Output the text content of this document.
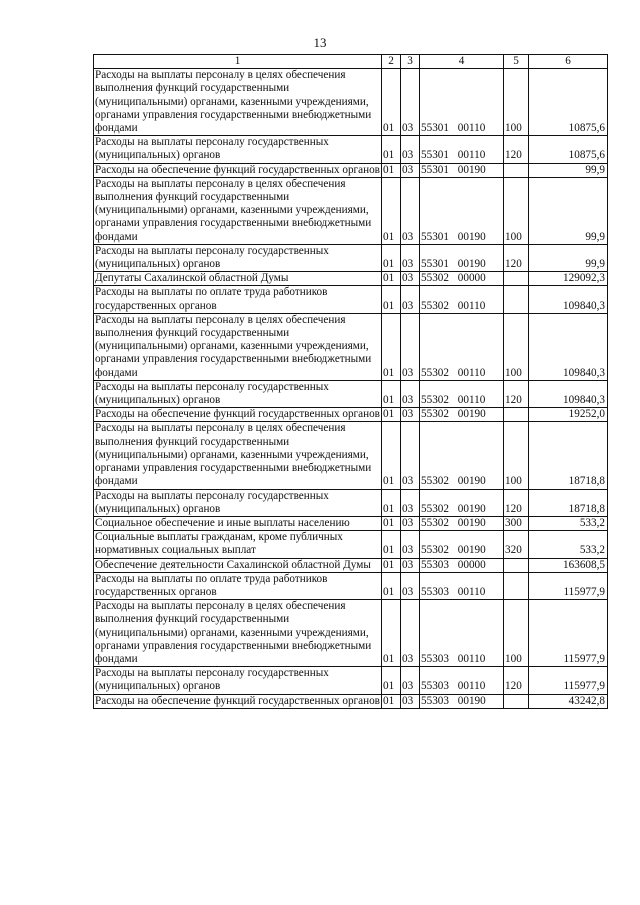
13
1	2	3	4	5	6
Расходы на выплаты персоналу в целях обеспечения выполнения функций государственными (муниципальными) органами, казенными учреждениями, органами управления государственными внебюджетными фондами	01	03	55301 00110	100	10875,6
Расходы на выплаты персоналу государственных (муниципальных) органов	01	03	55301 00110	120	10875,6
Расходы на обеспечение функций государственных органов	01	03	55301 00190		99,9
Расходы на выплаты персоналу в целях обеспечения выполнения функций государственными (муниципальными) органами, казенными учреждениями, органами управления государственными внебюджетными фондами	01	03	55301 00190	100	99,9
Расходы на выплаты персоналу государственных (муниципальных) органов	01	03	55301 00190	120	99,9
Депутаты Сахалинской областной Думы	01	03	55302 00000		129092,3
Расходы на выплаты по оплате труда работников государственных органов	01	03	55302 00110		109840,3
Расходы на выплаты персоналу в целях обеспечения выполнения функций государственными (муниципальными) органами, казенными учреждениями, органами управления государственными внебюджетными фондами	01	03	55302 00110	100	109840,3
Расходы на выплаты персоналу государственных (муниципальных) органов	01	03	55302 00110	120	109840,3
Расходы на обеспечение функций государственных органов	01	03	55302 00190		19252,0
Расходы на выплаты персоналу в целях обеспечения выполнения функций государственными (муниципальными) органами, казенными учреждениями, органами управления государственными внебюджетными фондами	01	03	55302 00190	100	18718,8
Расходы на выплаты персоналу государственных (муниципальных) органов	01	03	55302 00190	120	18718,8
Социальное обеспечение и иные выплаты населению	01	03	55302 00190	300	533,2
Социальные выплаты гражданам, кроме публичных нормативных социальных выплат	01	03	55302 00190	320	533,2
Обеспечение деятельности Сахалинской областной Думы	01	03	55303 00000		163608,5
Расходы на выплаты по оплате труда работников государственных органов	01	03	55303 00110		115977,9
Расходы на выплаты персоналу в целях обеспечения выполнения функций государственными (муниципальными) органами, казенными учреждениями, органами управления государственными внебюджетными фондами	01	03	55303 00110	100	115977,9
Расходы на выплаты персоналу государственных (муниципальных) органов	01	03	55303 00110	120	115977,9
Расходы на обеспечение функций государственных органов	01	03	55303 00190		43242,8
